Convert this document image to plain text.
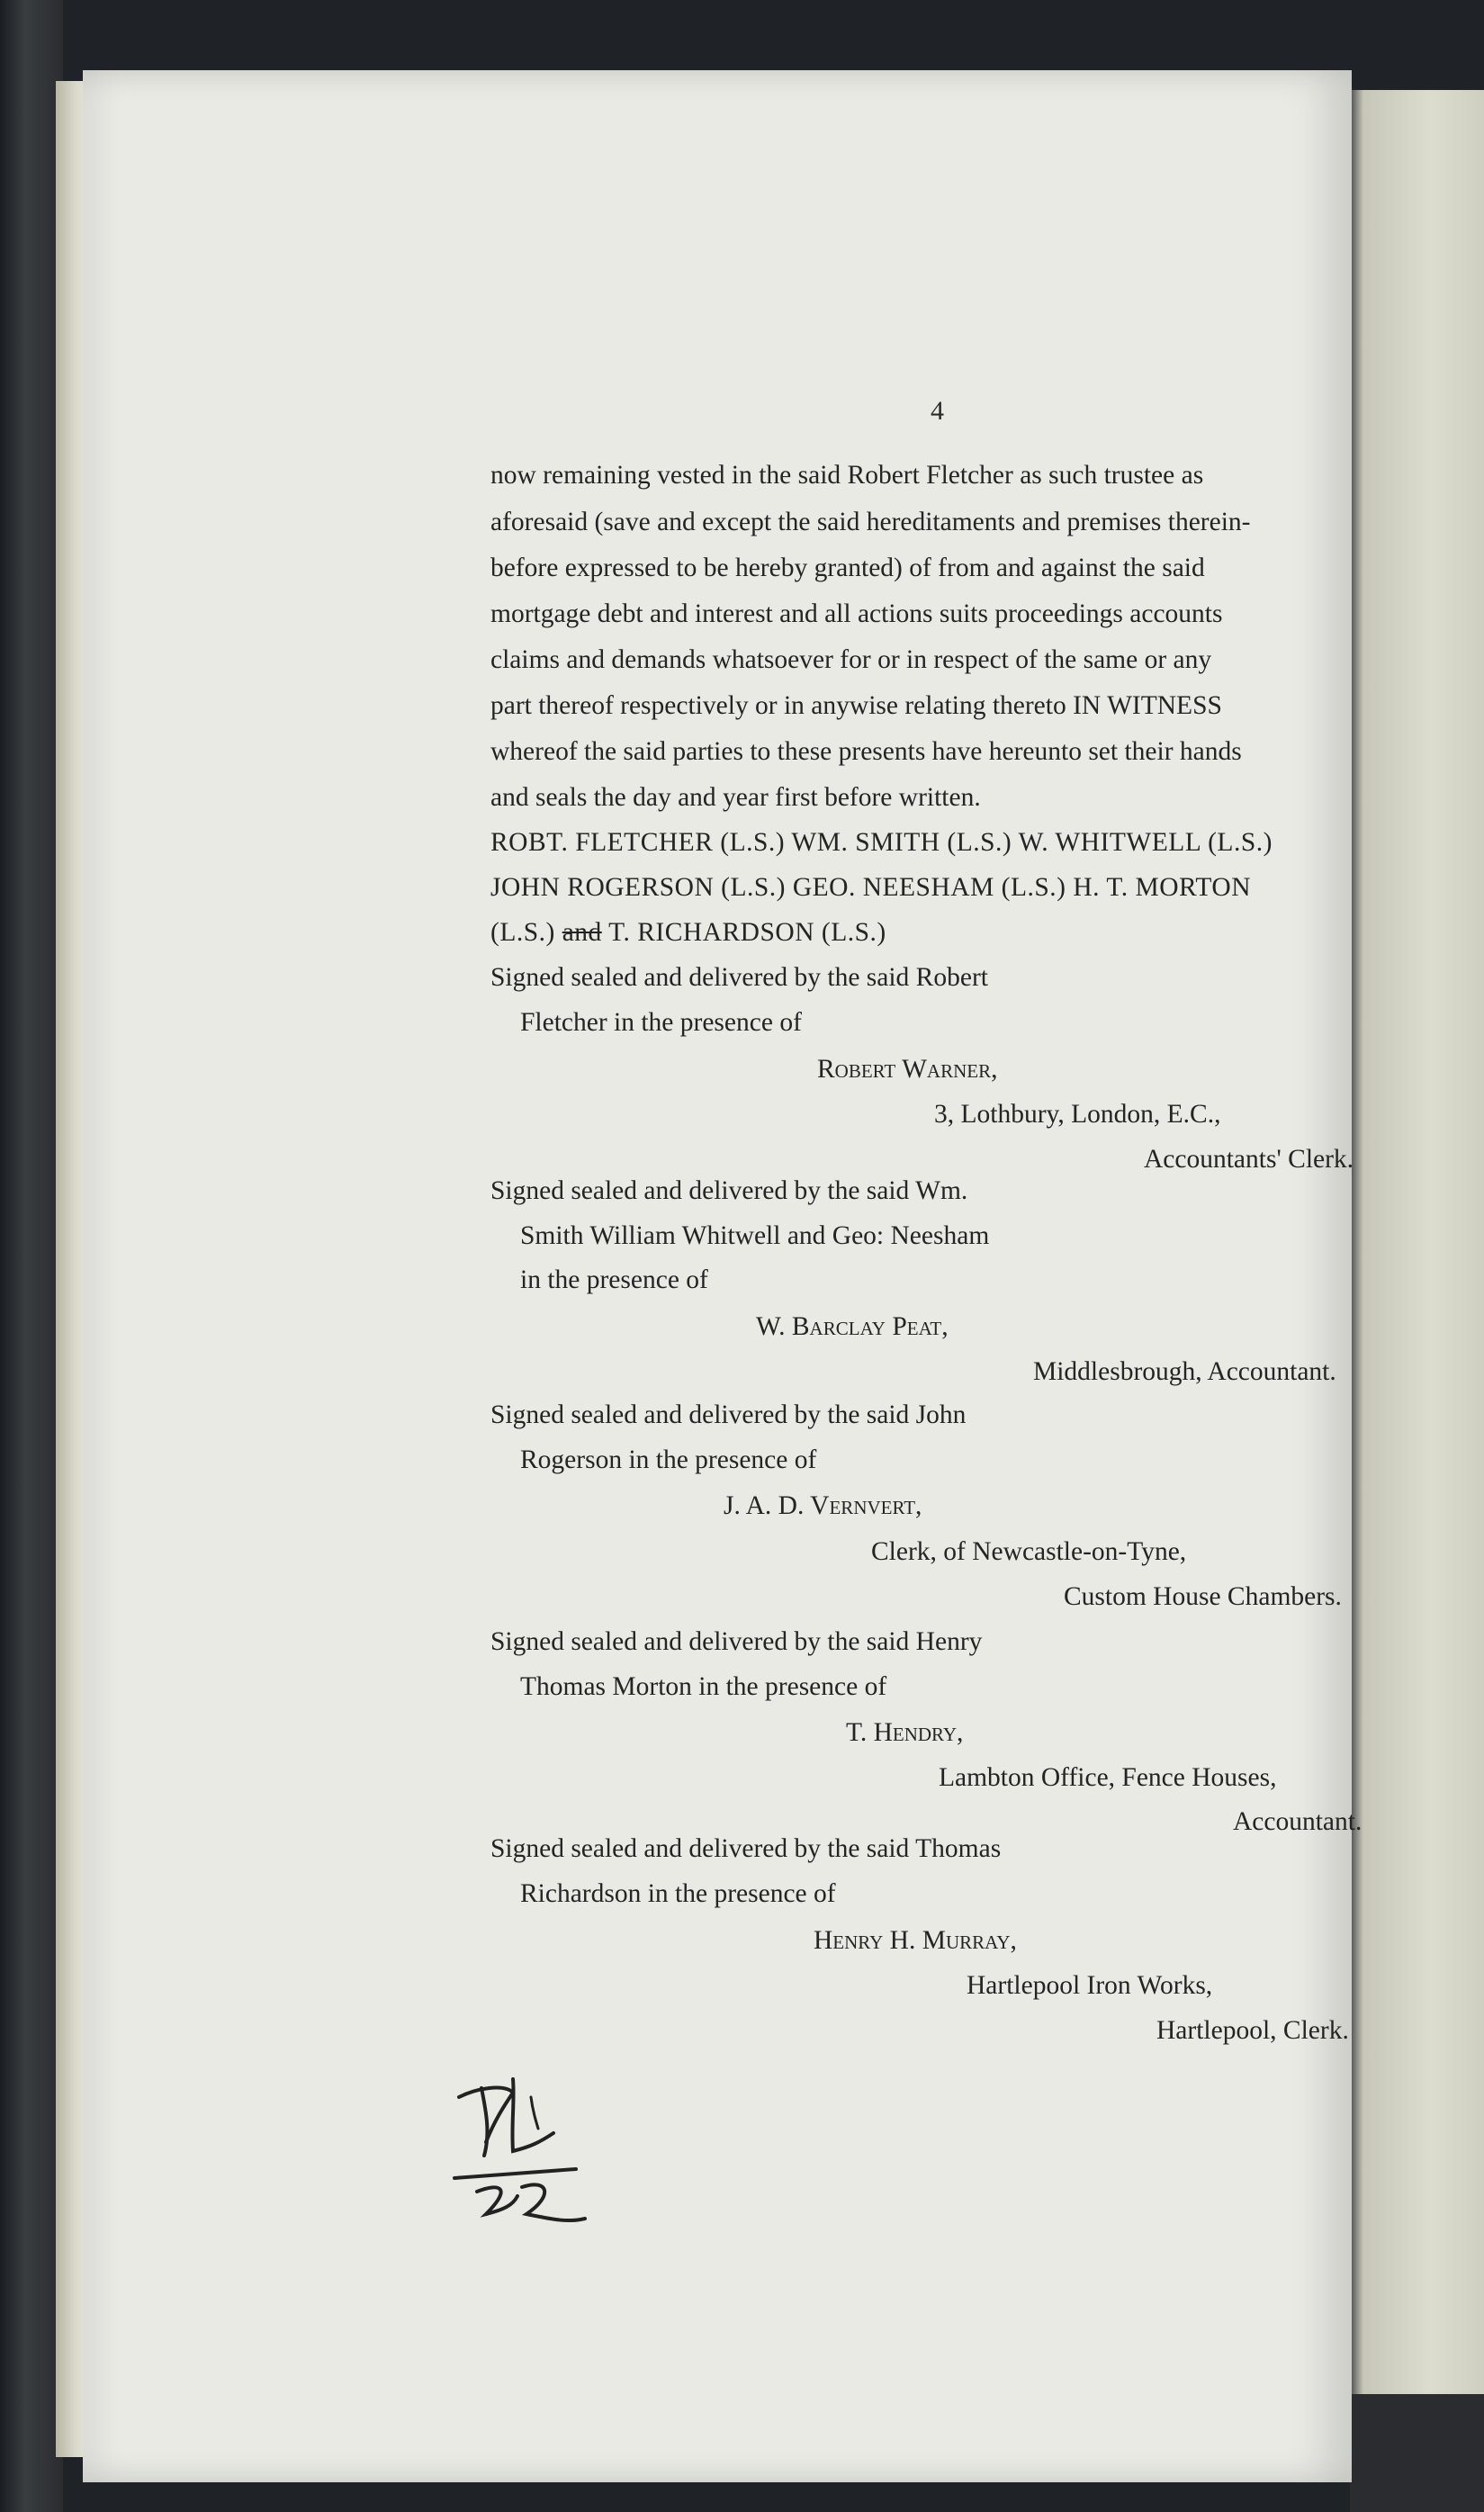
4
now remaining vested in the said Robert Fletcher as such trustee as
aforesaid (save and except the said hereditaments and premises therein-
before expressed to be hereby granted) of from and against the said
mortgage debt and interest and all actions suits proceedings accounts
claims and demands whatsoever for or in respect of the same or any
part thereof respectively or in anywise relating thereto IN WITNESS
whereof the said parties to these presents have hereunto set their hands
and seals the day and year first before written.
ROBT. FLETCHER (L.S.) WM. SMITH (L.S.) W. WHITWELL (L.S.)
JOHN ROGERSON (L.S.) GEO. NEESHAM (L.S.) H. T. MORTON
(L.S.) and T. RICHARDSON (L.S.)
Signed sealed and delivered by the said Robert
Fletcher in the presence of
Robert Warner,
3, Lothbury, London, E.C.,
Accountants' Clerk.
Signed sealed and delivered by the said Wm.
Smith William Whitwell and Geo: Neesham
in the presence of
W. Barclay Peat,
Middlesbrough, Accountant.
Signed sealed and delivered by the said John
Rogerson in the presence of
J. A. D. Vernvert,
Clerk, of Newcastle-on-Tyne,
Custom House Chambers.
Signed sealed and delivered by the said Henry
Thomas Morton in the presence of
T. Hendry,
Lambton Office, Fence Houses,
Accountant.
Signed sealed and delivered by the said Thomas
Richardson in the presence of
Henry H. Murray,
Hartlepool Iron Works,
Hartlepool, Clerk.
